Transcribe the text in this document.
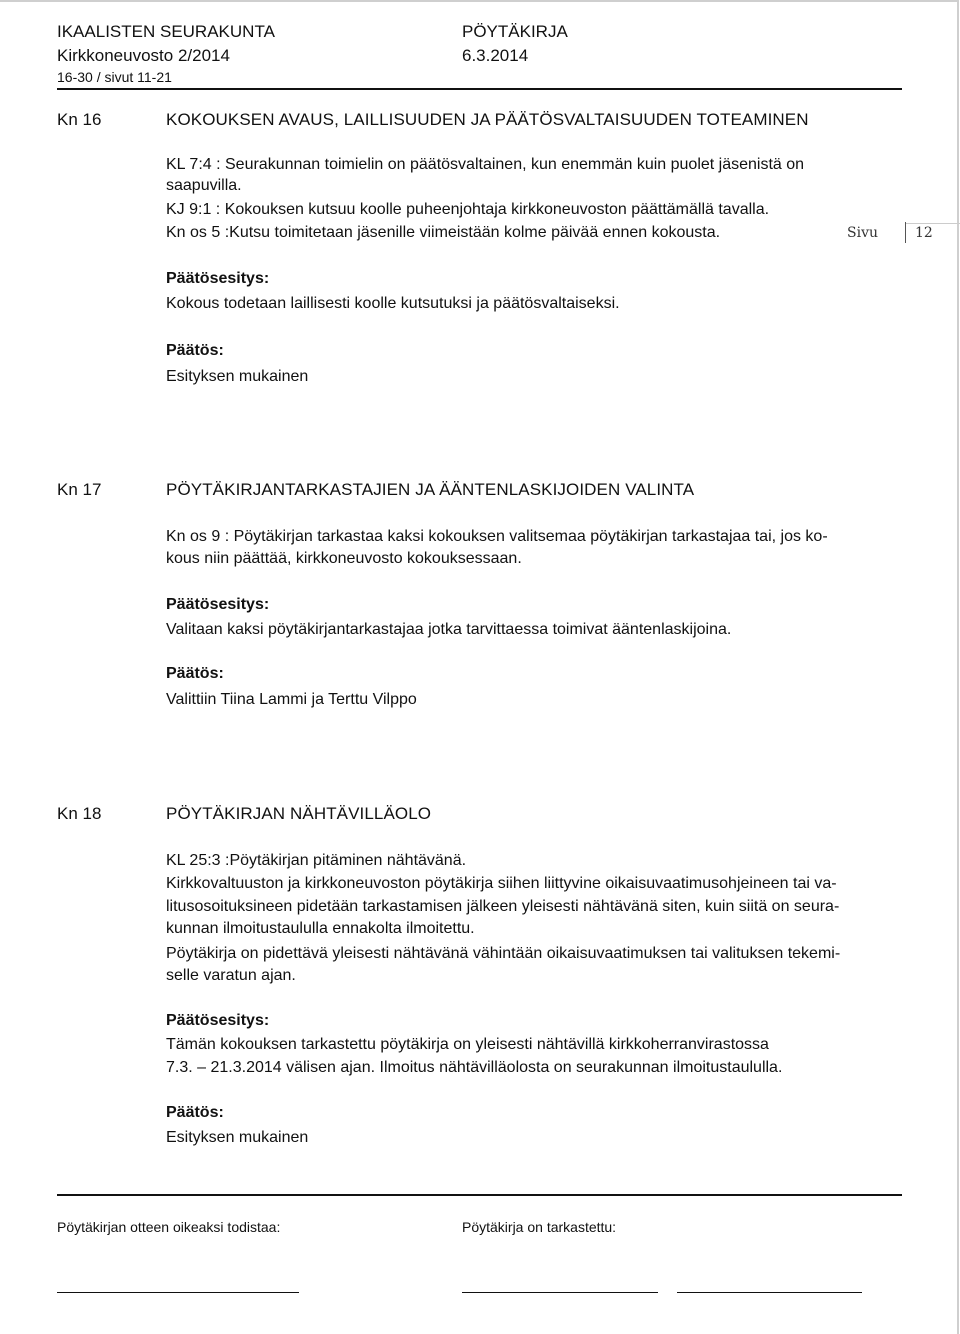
IKAALISTEN SEURAKUNTA	PÖYTÄKIRJA
Kirkkoneuvosto 2/2014	6.3.2014
16-30 / sivut 11-21
Sivu	12
Kn 16	KOKOUKSEN AVAUS, LAILLISUUDEN JA PÄÄTÖSVALTAISUUDEN TOTEAMINEN
KL 7:4 : Seurakunnan toimielin on päätösvaltainen, kun enemmän kuin puolet jäsenistä on
saapuvilla.
KJ 9:1 : Kokouksen kutsuu koolle puheenjohtaja kirkkoneuvoston päättämällä tavalla.
Kn os 5 :Kutsu toimitetaan jäsenille viimeistään kolme päivää ennen kokousta.
Päätösesitys:
Kokous todetaan laillisesti koolle kutsutuksi ja päätösvaltaiseksi.
Päätös:
Esityksen mukainen
Kn 17	PÖYTÄKIRJANTARKASTAJIEN JA ÄÄNTENLASKIJOIDEN VALINTA
Kn os 9 : Pöytäkirjan tarkastaa kaksi kokouksen valitsemaa pöytäkirjan tarkastajaa tai, jos ko-
kous niin päättää, kirkkoneuvosto kokouksessaan.
Päätösesitys:
Valitaan kaksi pöytäkirjantarkastajaa jotka tarvittaessa toimivat ääntenlaskijoina.
Päätös:
Valittiin Tiina Lammi ja Terttu Vilppo
Kn 18	PÖYTÄKIRJAN NÄHTÄVILLÄOLO
KL 25:3 :Pöytäkirjan pitäminen nähtävänä.
Kirkkovaltuuston ja kirkkoneuvoston pöytäkirja siihen liittyvine oikaisuvaatimusohjeineen tai va-
litusosoituksineen pidetään tarkastamisen jälkeen yleisesti nähtävänä siten, kuin siitä on seura-
kunnan ilmoitustaululla ennakolta ilmoitettu.
Pöytäkirja on pidettävä yleisesti nähtävänä vähintään oikaisuvaatimuksen tai valituksen tekemi-
selle varatun ajan.
Päätösesitys:
Tämän kokouksen tarkastettu pöytäkirja on yleisesti nähtävillä kirkkoherranvirastossa
7.3. – 21.3.2014 välisen ajan. Ilmoitus nähtävilläolosta on seurakunnan ilmoitustaululla.
Päätös:
Esityksen mukainen
Pöytäkirjan otteen oikeaksi todistaa:	Pöytäkirja on tarkastettu:
